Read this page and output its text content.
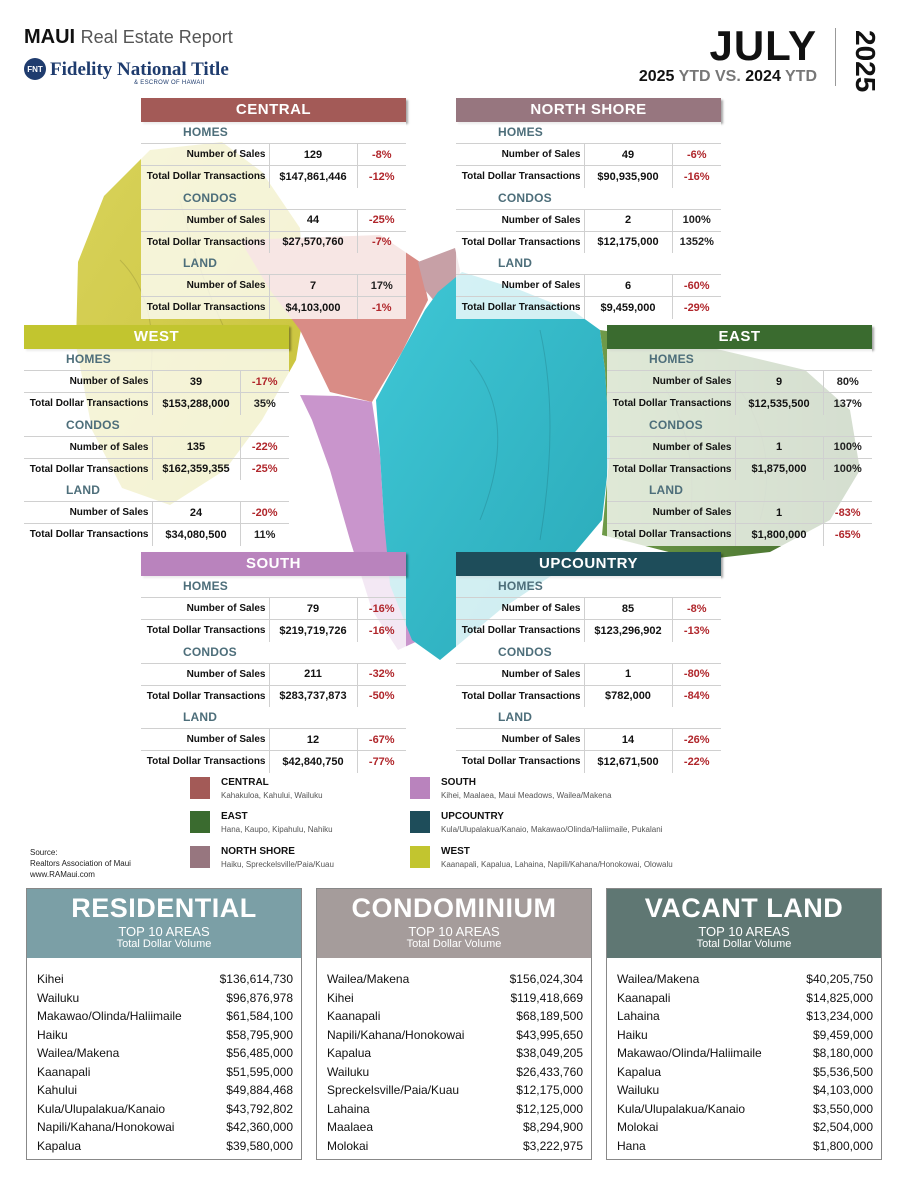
MAUI Real Estate Report
FNT Fidelity National Title
& ESCROW OF HAWAII
JULY
2025 YTD VS. 2024 YTD 2025
CENTRAL
HOMES
Number of Sales	129	-8%
Total Dollar Transactions	$147,861,446	-12%
CONDOS
Number of Sales	44	-25%
Total Dollar Transactions	$27,570,760	-7%
LAND
Number of Sales	7	17%
Total Dollar Transactions	$4,103,000	-1%
NORTH SHORE
HOMES
Number of Sales	49	-6%
Total Dollar Transactions	$90,935,900	-16%
CONDOS
Number of Sales	2	100%
Total Dollar Transactions	$12,175,000	1352%
LAND
Number of Sales	6	-60%
Total Dollar Transactions	$9,459,000	-29%
WEST
HOMES
Number of Sales	39	-17%
Total Dollar Transactions	$153,288,000	35%
CONDOS
Number of Sales	135	-22%
Total Dollar Transactions	$162,359,355	-25%
LAND
Number of Sales	24	-20%
Total Dollar Transactions	$34,080,500	11%
EAST
HOMES
Number of Sales	9	80%
Total Dollar Transactions	$12,535,500	137%
CONDOS
Number of Sales	1	100%
Total Dollar Transactions	$1,875,000	100%
LAND
Number of Sales	1	-83%
Total Dollar Transactions	$1,800,000	-65%
SOUTH
HOMES
Number of Sales	79	-16%
Total Dollar Transactions	$219,719,726	-16%
CONDOS
Number of Sales	211	-32%
Total Dollar Transactions	$283,737,873	-50%
LAND
Number of Sales	12	-67%
Total Dollar Transactions	$42,840,750	-77%
UPCOUNTRY
HOMES
Number of Sales	85	-8%
Total Dollar Transactions	$123,296,902	-13%
CONDOS
Number of Sales	1	-80%
Total Dollar Transactions	$782,000	-84%
LAND
Number of Sales	14	-26%
Total Dollar Transactions	$12,671,500	-22%
CENTRAL
Kahakuloa, Kahului, Wailuku
EAST
Hana, Kaupo, Kipahulu, Nahiku
NORTH SHORE
Haiku, Spreckelsville/Paia/Kuau
SOUTH
Kihei, Maalaea, Maui Meadows, Wailea/Makena
UPCOUNTRY
Kula/Ulupalakua/Kanaio, Makawao/Olinda/Haliimaile, Pukalani
WEST
Kaanapali, Kapalua, Lahaina, Napili/Kahana/Honokowai, Olowalu
Source:
Realtors Association of Maui
www.RAMaui.com
RESIDENTIAL
TOP 10 AREAS
Total Dollar Volume
Kihei	$136,614,730
Wailuku	$96,876,978
Makawao/Olinda/Haliimaile	$61,584,100
Haiku	$58,795,900
Wailea/Makena	$56,485,000
Kaanapali	$51,595,000
Kahului	$49,884,468
Kula/Ulupalakua/Kanaio	$43,792,802
Napili/Kahana/Honokowai	$42,360,000
Kapalua	$39,580,000
CONDOMINIUM
TOP 10 AREAS
Total Dollar Volume
Wailea/Makena	$156,024,304
Kihei	$119,418,669
Kaanapali	$68,189,500
Napili/Kahana/Honokowai	$43,995,650
Kapalua	$38,049,205
Wailuku	$26,433,760
Spreckelsville/Paia/Kuau	$12,175,000
Lahaina	$12,125,000
Maalaea	$8,294,900
Molokai	$3,222,975
VACANT LAND
TOP 10 AREAS
Total Dollar Volume
Wailea/Makena	$40,205,750
Kaanapali	$14,825,000
Lahaina	$13,234,000
Haiku	$9,459,000
Makawao/Olinda/Haliimaile	$8,180,000
Kapalua	$5,536,500
Wailuku	$4,103,000
Kula/Ulupalakua/Kanaio	$3,550,000
Molokai	$2,504,000
Hana	$1,800,000
